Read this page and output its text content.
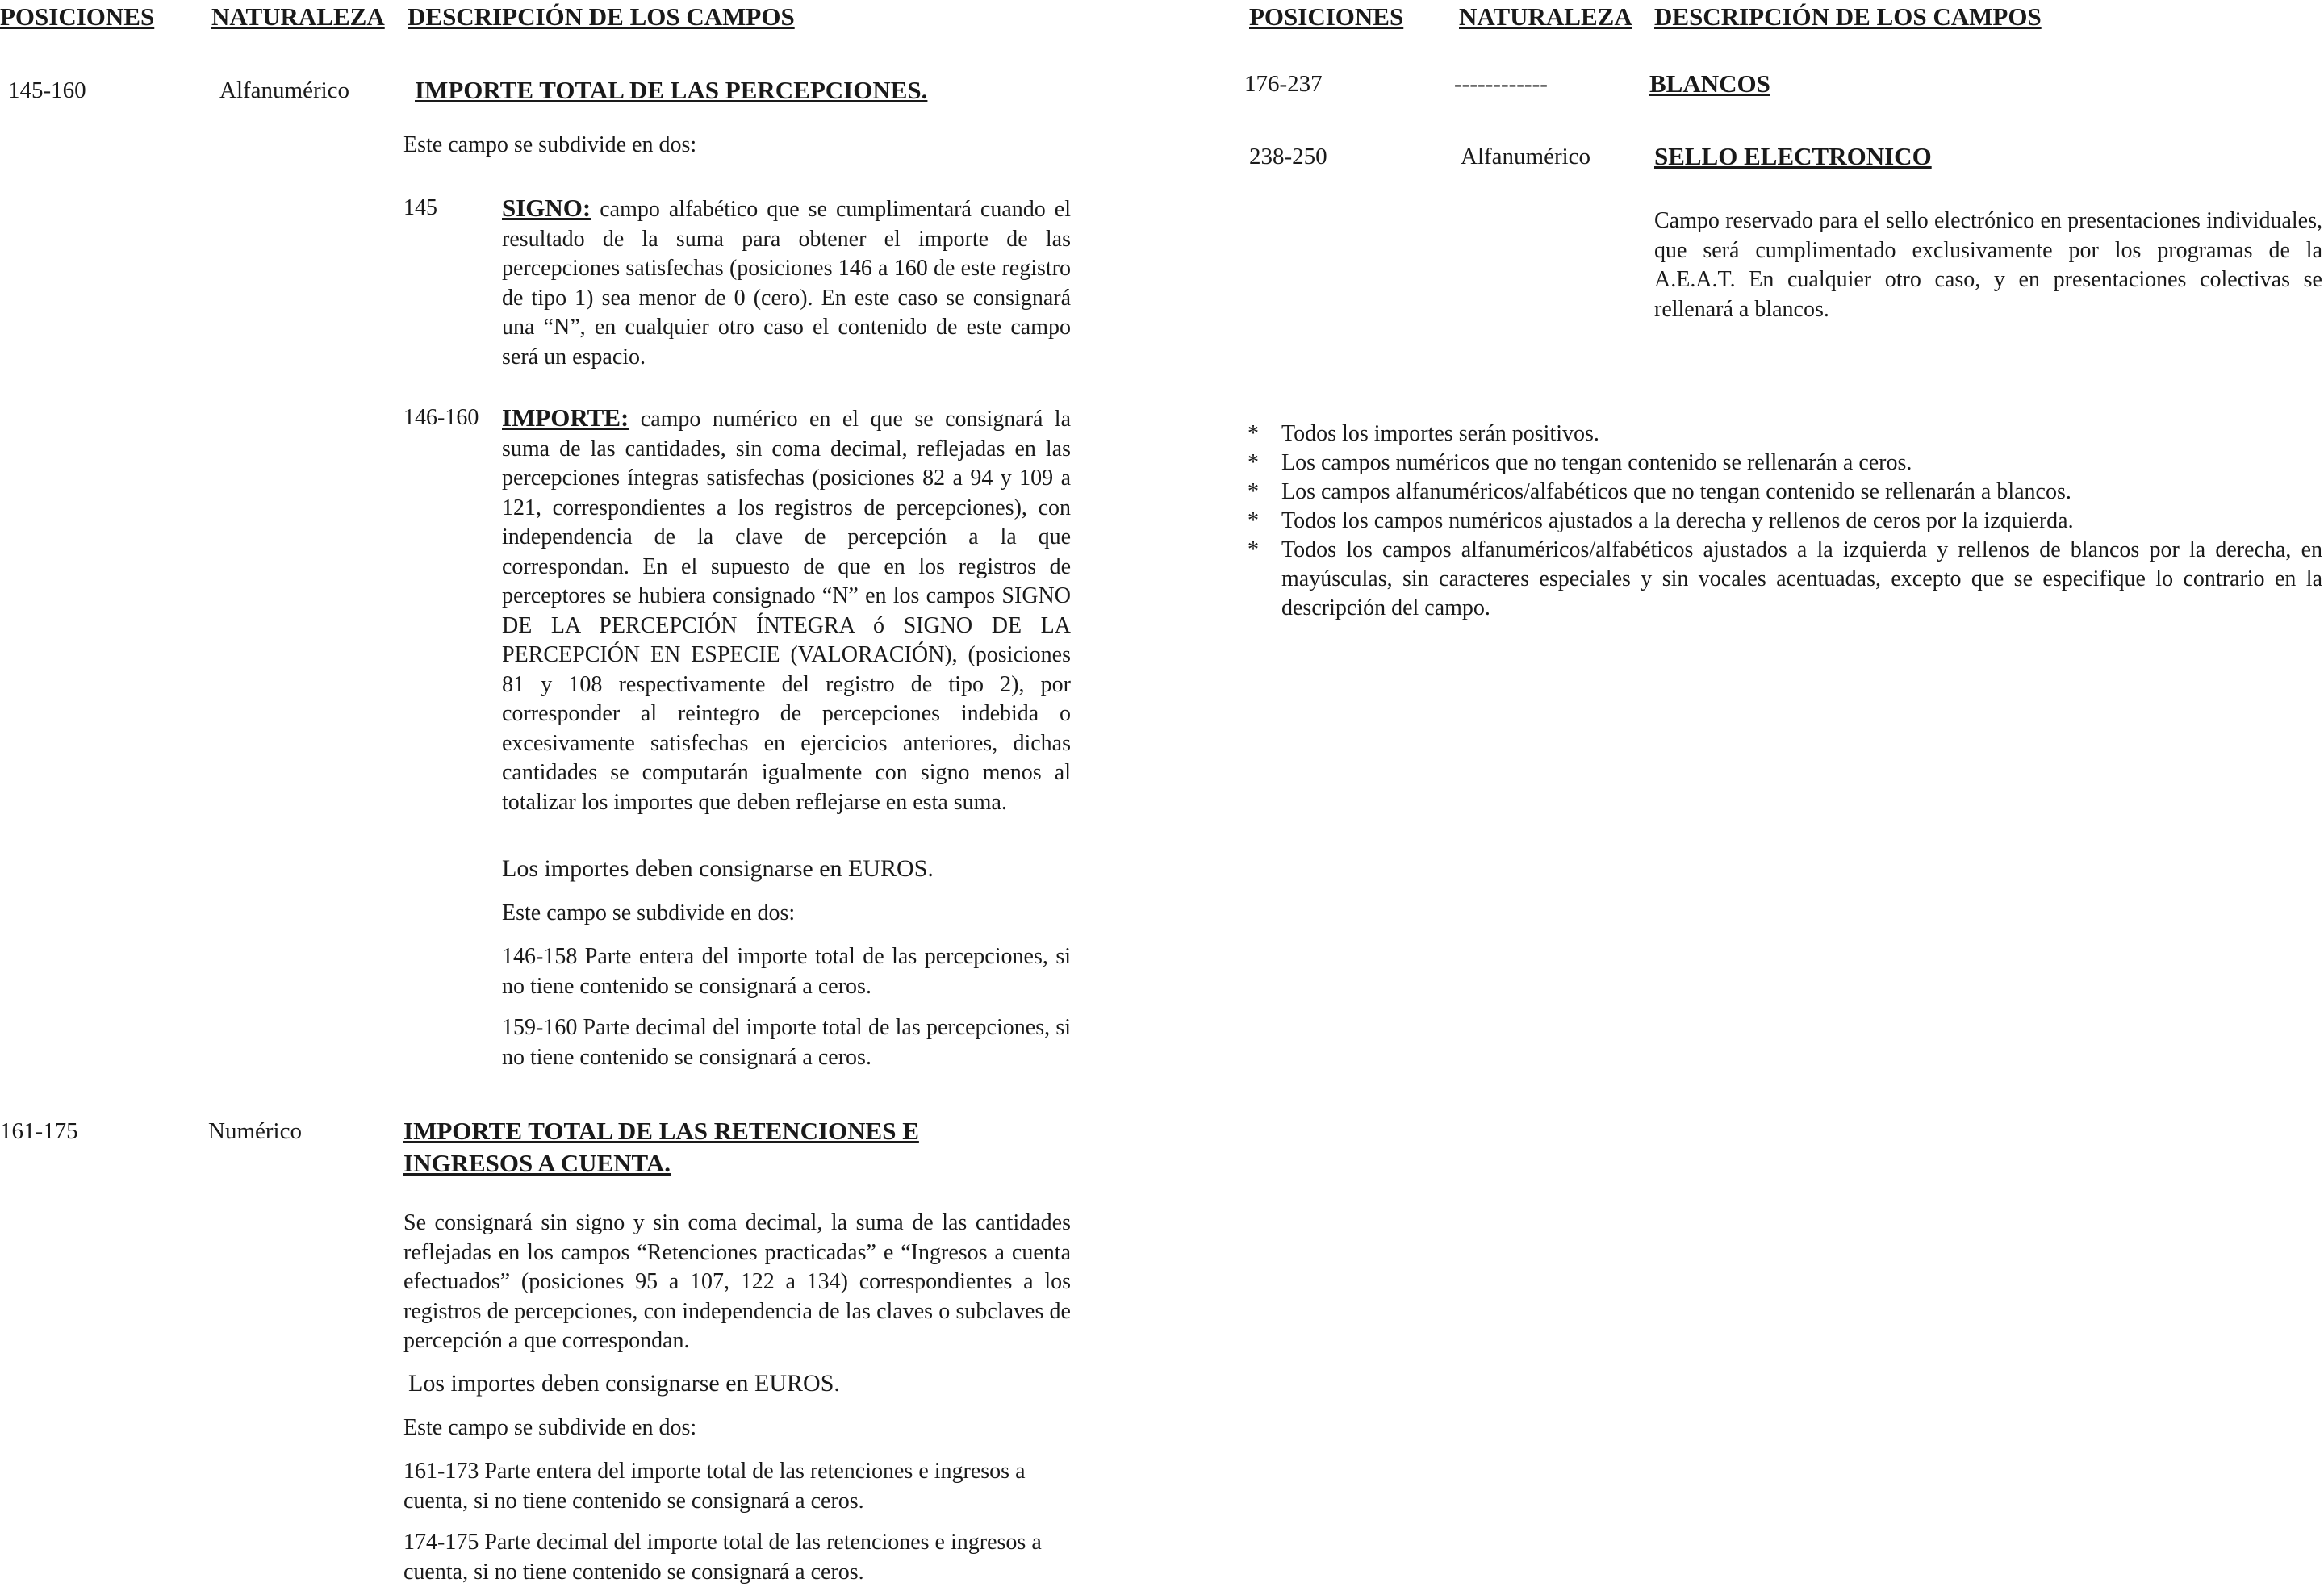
POSICIONES NATURALEZA DESCRIPCIÓN DE LOS CAMPOS	POSICIONES NATURALEZA DESCRIPCIÓN DE LOS CAMPOS
145-160	Alfanumérico	IMPORTE TOTAL DE LAS PERCEPCIONES.
Este campo se subdivide en dos:
145	SIGNO: campo alfabético que se cumplimentará cuando el resultado de la suma para obtener el importe de las percepciones satisfechas (posiciones 146 a 160 de este registro de tipo 1) sea menor de 0 (cero). En este caso se consignará una “N”, en cualquier otro caso el contenido de este campo será un espacio.
146-160 IMPORTE: campo numérico en el que se consignará la suma de las cantidades, sin coma decimal, reflejadas en las percepciones íntegras satisfechas (posiciones 82 a 94 y 109 a 121, correspondientes a los registros de percepciones), con independencia de la clave de percepción a la que correspondan. En el supuesto de que en los registros de perceptores se hubiera consignado “N” en los campos SIGNO DE LA PERCEPCIÓN ÍNTEGRA ó SIGNO DE LA PERCEPCIÓN EN ESPECIE (VALORACIÓN), (posiciones 81 y 108 respectivamente del registro de tipo 2), por corresponder al reintegro de percepciones indebida o excesivamente satisfechas en ejercicios anteriores, dichas cantidades se computarán igualmente con signo menos al totalizar los importes que deben reflejarse en esta suma.
Los importes deben consignarse en EUROS.
Este campo se subdivide en dos:
146-158 Parte entera del importe total de las percepciones, si no tiene contenido se consignará a ceros.
159-160 Parte decimal del importe total de las percepciones, si no tiene contenido se consignará a ceros.
161-175	Numérico	IMPORTE TOTAL DE LAS RETENCIONES E INGRESOS A CUENTA.
Se consignará sin signo y sin coma decimal, la suma de las cantidades reflejadas en los campos “Retenciones practicadas” e “Ingresos a cuenta efectuados” (posiciones 95 a 107, 122 a 134) correspondientes a los registros de percepciones, con independencia de las claves o subclaves de percepción a que correspondan.
Los importes deben consignarse en EUROS.
Este campo se subdivide en dos:
161-173 Parte entera del importe total de las retenciones e ingresos a cuenta, si no tiene contenido se consignará a ceros.
174-175 Parte decimal del importe total de las retenciones e ingresos a cuenta, si no tiene contenido se consignará a ceros.
176-237	------------	BLANCOS
238-250	Alfanumérico	SELLO ELECTRONICO
Campo reservado para el sello electrónico en presentaciones individuales, que será cumplimentado exclusivamente por los programas de la A.E.A.T. En cualquier otro caso, y en presentaciones colectivas se rellenará a blancos.
*	Todos los importes serán positivos.
*	Los campos numéricos que no tengan contenido se rellenarán a ceros.
*	Los campos alfanuméricos/alfabéticos que no tengan contenido se rellenarán a blancos.
*	Todos los campos numéricos ajustados a la derecha y rellenos de ceros por la izquierda.
*	Todos los campos alfanuméricos/alfabéticos ajustados a la izquierda y rellenos de blancos por la derecha, en mayúsculas, sin caracteres especiales y sin vocales acentuadas, excepto que se especifique lo contrario en la descripción del campo.
